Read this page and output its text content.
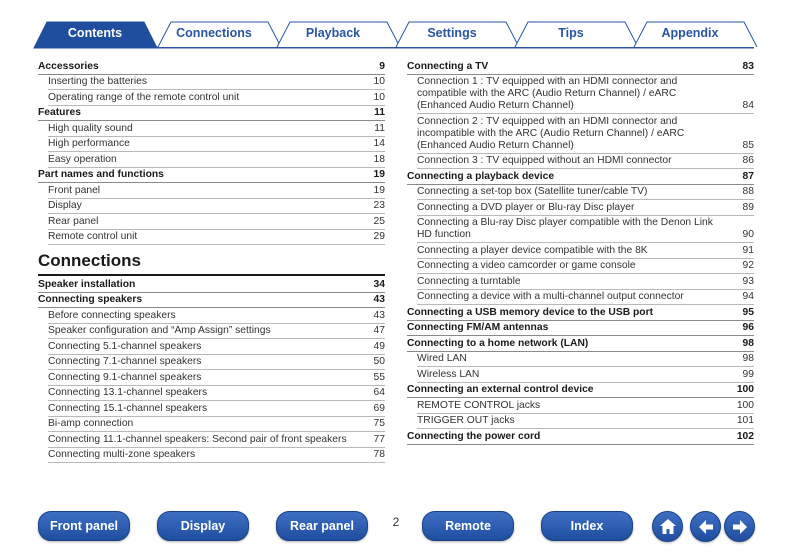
Contents	Connections	Playback	Settings	Tips	Appendix
Accessories	9
Inserting the batteries	10
Operating range of the remote control unit	10
Features	11
High quality sound	11
High performance	14
Easy operation	18
Part names and functions	19
Front panel	19
Display	23
Rear panel	25
Remote control unit	29
Connections
Speaker installation	34
Connecting speakers	43
Before connecting speakers	43
Speaker configuration and “Amp Assign” settings	47
Connecting 5.1-channel speakers	49
Connecting 7.1-channel speakers	50
Connecting 9.1-channel speakers	55
Connecting 13.1-channel speakers	64
Connecting 15.1-channel speakers	69
Bi-amp connection	75
Connecting 11.1-channel speakers: Second pair of front speakers	77
Connecting multi-zone speakers	78
Connecting a TV	83
Connection 1 : TV equipped with an HDMI connector and compatible with the ARC (Audio Return Channel) / eARC (Enhanced Audio Return Channel)	84
Connection 2 : TV equipped with an HDMI connector and incompatible with the ARC (Audio Return Channel) / eARC (Enhanced Audio Return Channel)	85
Connection 3 : TV equipped without an HDMI connector	86
Connecting a playback device	87
Connecting a set-top box (Satellite tuner/cable TV)	88
Connecting a DVD player or Blu-ray Disc player	89
Connecting a Blu-ray Disc player compatible with the Denon Link HD function	90
Connecting a player device compatible with the 8K	91
Connecting a video camcorder or game console	92
Connecting a turntable	93
Connecting a device with a multi-channel output connector	94
Connecting a USB memory device to the USB port	95
Connecting FM/AM antennas	96
Connecting to a home network (LAN)	98
Wired LAN	98
Wireless LAN	99
Connecting an external control device	100
REMOTE CONTROL jacks	100
TRIGGER OUT jacks	101
Connecting the power cord	102
Front panel	Display	Rear panel	2	Remote	Index
